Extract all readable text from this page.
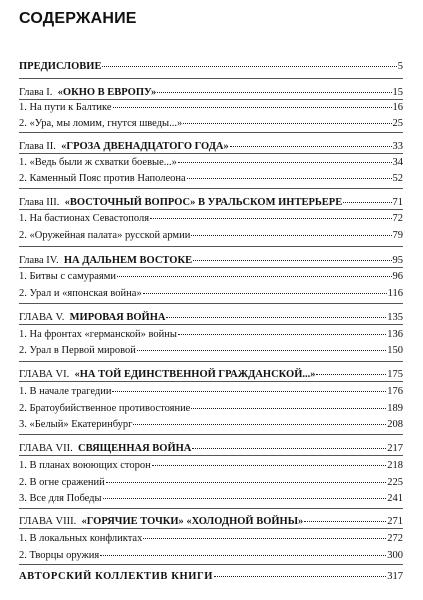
СОДЕРЖАНИЕ
ПРЕДИСЛОВИЕ	5
Глава I. «ОКНО В ЕВРОПУ»	15
1. На пути к Балтике	16
2. «Ура, мы ломим, гнутся шведы...»	25
Глава II. «ГРОЗА ДВЕНАДЦАТОГО ГОДА»	33
1. «Ведь были ж схватки боевые...»	34
2. Каменный Пояс против Наполеона	52
Глава III. «ВОСТОЧНЫЙ ВОПРОС» В УРАЛЬСКОМ ИНТЕРЬЕРЕ	71
1. На бастионах Севастополя	72
2. «Оружейная палата» русской армии	79
Глава IV. НА ДАЛЬНЕМ ВОСТОКЕ	95
1. Битвы с самураями	96
2. Урал и «японская война»	116
ГЛАВА V. МИРОВАЯ ВОЙНА	135
1. На фронтах «германской» войны	136
2. Урал в Первой мировой	150
ГЛАВА VI. «НА ТОЙ ЕДИНСТВЕННОЙ ГРАЖДАНСКОЙ...»	175
1. В начале трагедии	176
2. Братоубийственное противостояние	189
3. «Белый» Екатеринбург	208
ГЛАВА VII. СВЯЩЕННАЯ ВОЙНА	217
1. В планах воюющих сторон	218
2. В огне сражений	225
3. Все для Победы	241
ГЛАВА VIII. «ГОРЯЧИЕ ТОЧКИ» «ХОЛОДНОЙ ВОЙНЫ»	271
1. В локальных конфликтах	272
2. Творцы оружия	300
АВТОРСКИЙ КОЛЛЕКТИВ КНИГИ	317
